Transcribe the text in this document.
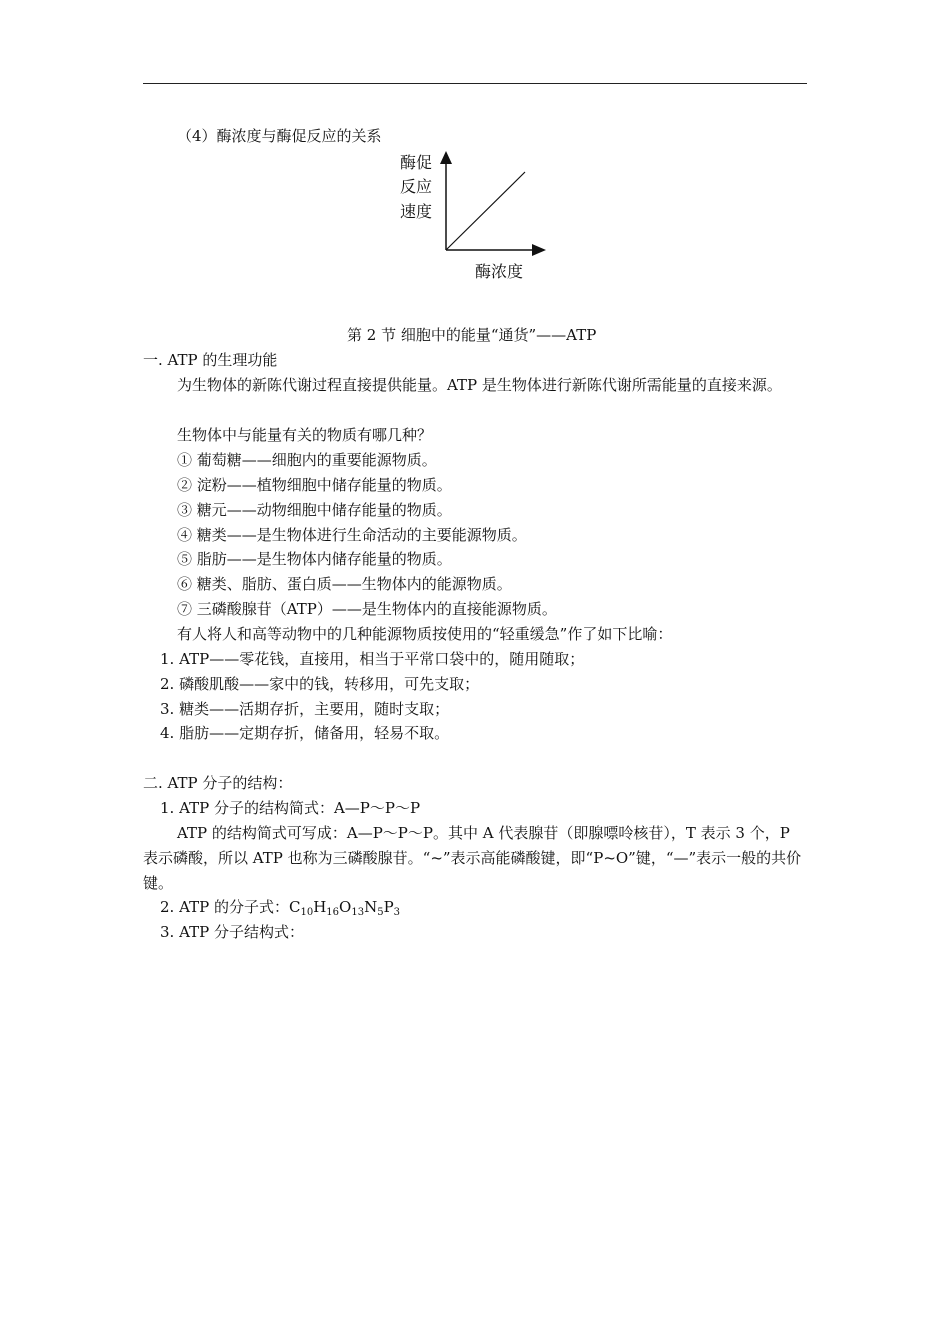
（4）酶浓度与酶促反应的关系
酶促
反应
速度
酶浓度
第 2 节 细胞中的能量“通货”——ATP
一. ATP 的生理功能
为生物体的新陈代谢过程直接提供能量。ATP 是生物体进行新陈代谢所需能量的直接来源。
生物体中与能量有关的物质有哪几种？
① 葡萄糖——细胞内的重要能源物质。
② 淀粉——植物细胞中储存能量的物质。
③ 糖元——动物细胞中储存能量的物质。
④ 糖类——是生物体进行生命活动的主要能源物质。
⑤ 脂肪——是生物体内储存能量的物质。
⑥ 糖类、脂肪、蛋白质——生物体内的能源物质。
⑦ 三磷酸腺苷（ATP）——是生物体内的直接能源物质。
有人将人和高等动物中的几种能源物质按使用的“轻重缓急”作了如下比喻：
1. ATP——零花钱，直接用，相当于平常口袋中的，随用随取；
2. 磷酸肌酸——家中的钱，转移用，可先支取；
3. 糖类——活期存折，主要用，随时支取；
4. 脂肪——定期存折，储备用，轻易不取。
二. ATP 分子的结构：
1. ATP 分子的结构简式：A—P～P～P
ATP 的结构简式可写成：A—P～P～P。其中 A 代表腺苷（即腺嘌呤核苷），T 表示 3 个，P 表示磷酸，所以 ATP 也称为三磷酸腺苷。“~”表示高能磷酸键，即“P~O”键，“—”表示一般的共价键。
2. ATP 的分子式：$C_{10}H_{16}O_{13}N_5P_3$
3. ATP 分子结构式：
